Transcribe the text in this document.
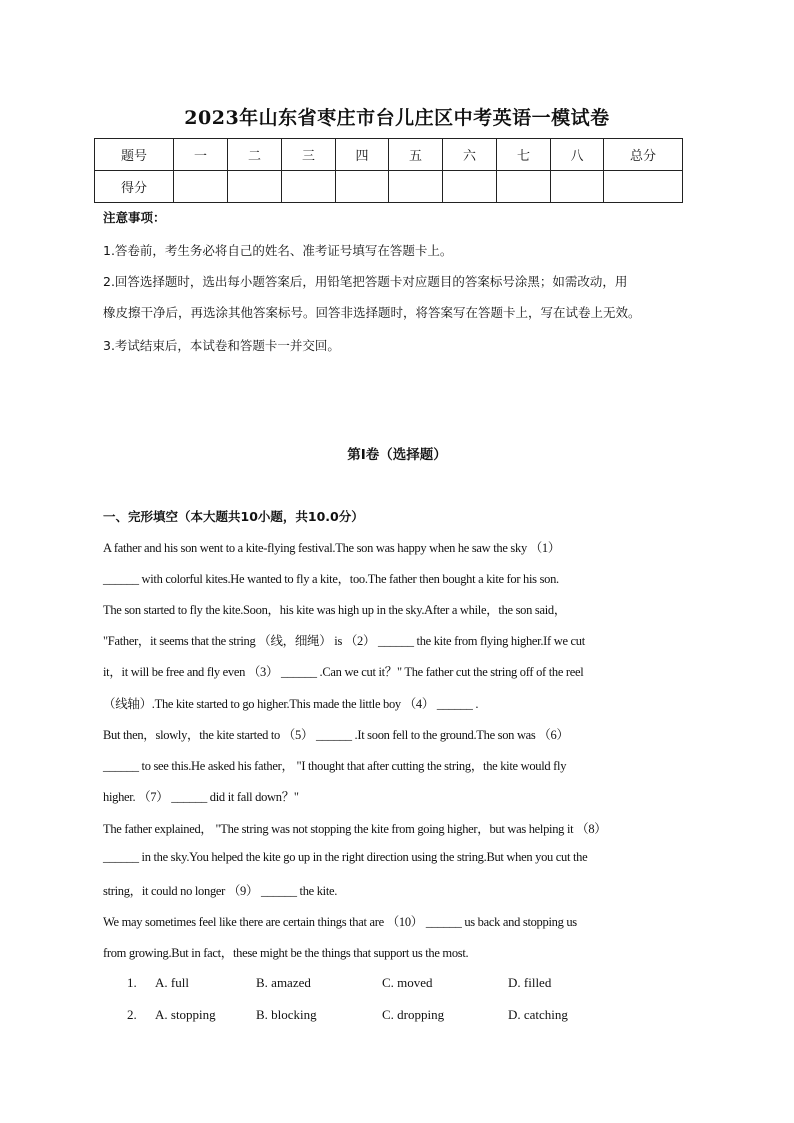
2023年山东省枣庄市台儿庄区中考英语一模试卷
题号	一	二	三	四	五	六	七	八	总分
得分									
注意事项：
1.答卷前，考生务必将自己的姓名、准考证号填写在答题卡上。
2.回答选择题时，选出每小题答案后，用铅笔把答题卡对应题目的答案标号涂黑；如需改动，用
橡皮擦干净后，再选涂其他答案标号。回答非选择题时，将答案写在答题卡上，写在试卷上无效。
3.考试结束后，本试卷和答题卡一并交回。
第I卷（选择题）
一、完形填空（本大题共10小题，共10.0分）
A father and his son went to a kite-flying festival.The son was happy when he saw the sky （1）
______ with colorful kites.He wanted to fly a kite，too.The father then bought a kite for his son.
The son started to fly the kite.Soon，his kite was high up in the sky.After a while，the son said，
"Father，it seems that the string （线，细绳） is （2） ______ the kite from flying higher.If we cut
it，it will be free and fly even （3） ______ .Can we cut it？" The father cut the string off of the reel
（线轴）.The kite started to go higher.This made the little boy （4） ______ .
But then，slowly，the kite started to （5） ______ .It soon fell to the ground.The son was （6）
______ to see this.He asked his father， "I thought that after cutting the string，the kite would fly
higher. （7） ______ did it fall down？"
The father explained， "The string was not stopping the kite from going higher，but was helping it （8）
______ in the sky.You helped the kite go up in the right direction using the string.But when you cut the
string，it could no longer （9） ______ the kite.
We may sometimes feel like there are certain things that are （10） ______ us back and stopping us
from growing.But in fact，these might be the things that support us the most.
1. A. full	B. amazed	C. moved	D. filled
2. A. stopping	B. blocking	C. dropping	D. catching
